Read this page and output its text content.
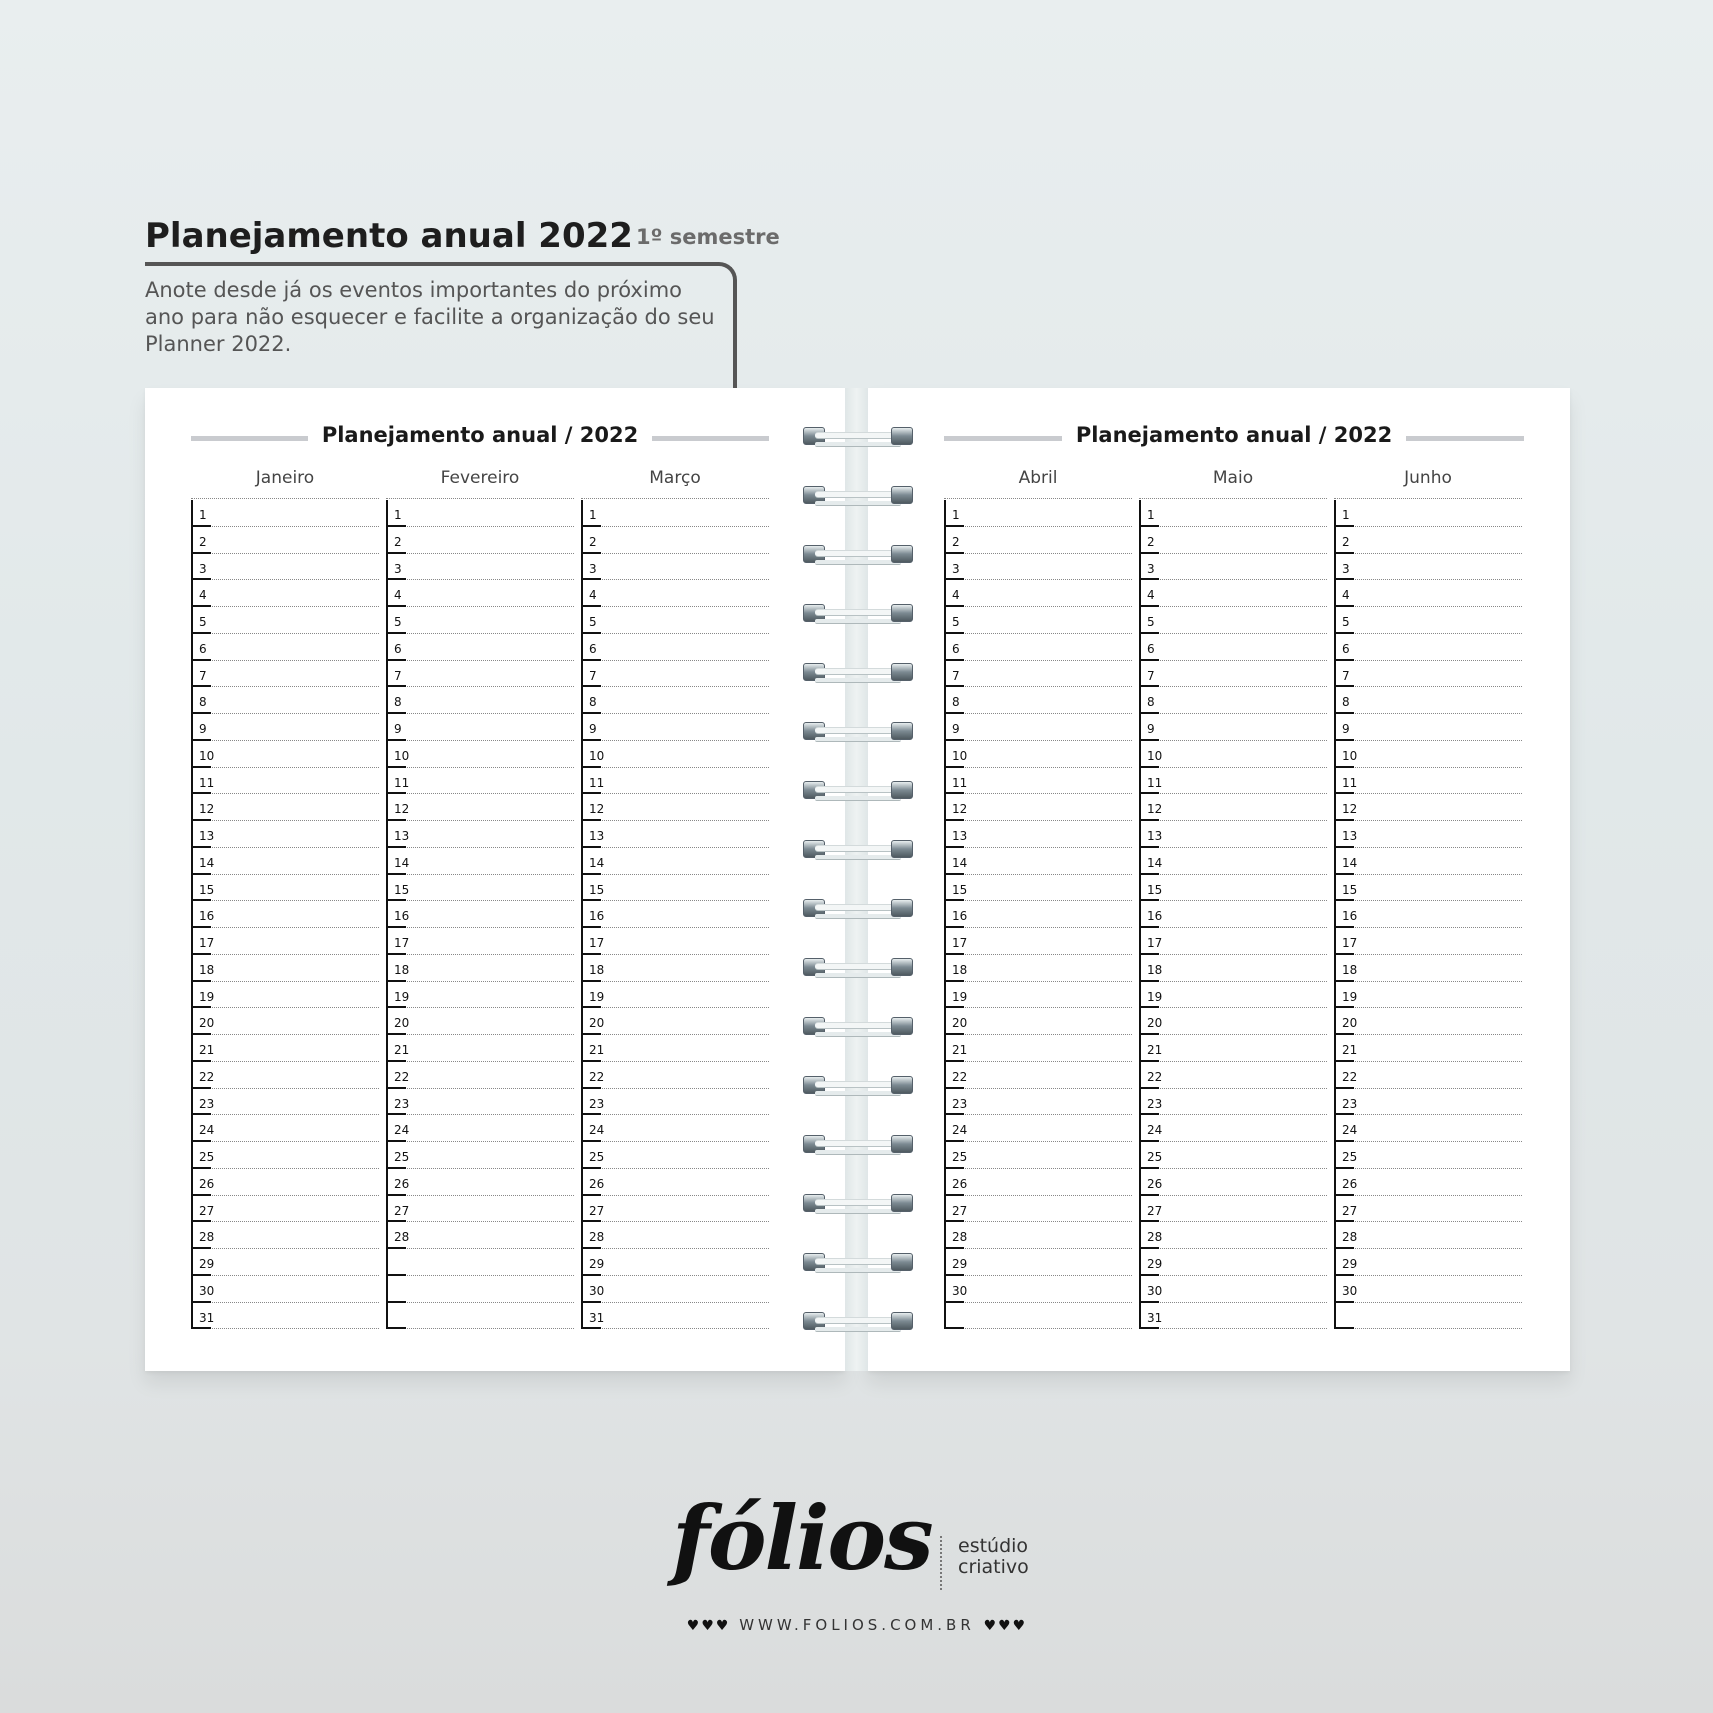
Planejamento anual 2022 1º semestre
Anote desde já os eventos importantes do próximo
ano para não esquecer e facilite a organização do seu
Planner 2022.
Planejamento anual / 2022
Janeiro
1
2
3
4
5
6
7
8
9
10
11
12
13
14
15
16
17
18
19
20
21
22
23
24
25
26
27
28
29
30
31
Fevereiro
1
2
3
4
5
6
7
8
9
10
11
12
13
14
15
16
17
18
19
20
21
22
23
24
25
26
27
28
Março
1
2
3
4
5
6
7
8
9
10
11
12
13
14
15
16
17
18
19
20
21
22
23
24
25
26
27
28
29
30
31
Planejamento anual / 2022
Abril
1
2
3
4
5
6
7
8
9
10
11
12
13
14
15
16
17
18
19
20
21
22
23
24
25
26
27
28
29
30
Maio
1
2
3
4
5
6
7
8
9
10
11
12
13
14
15
16
17
18
19
20
21
22
23
24
25
26
27
28
29
30
31
Junho
1
2
3
4
5
6
7
8
9
10
11
12
13
14
15
16
17
18
19
20
21
22
23
24
25
26
27
28
29
30
fólios estúdio
criativo
♥♥♥ WWW.FOLIOS.COM.BR ♥♥♥
